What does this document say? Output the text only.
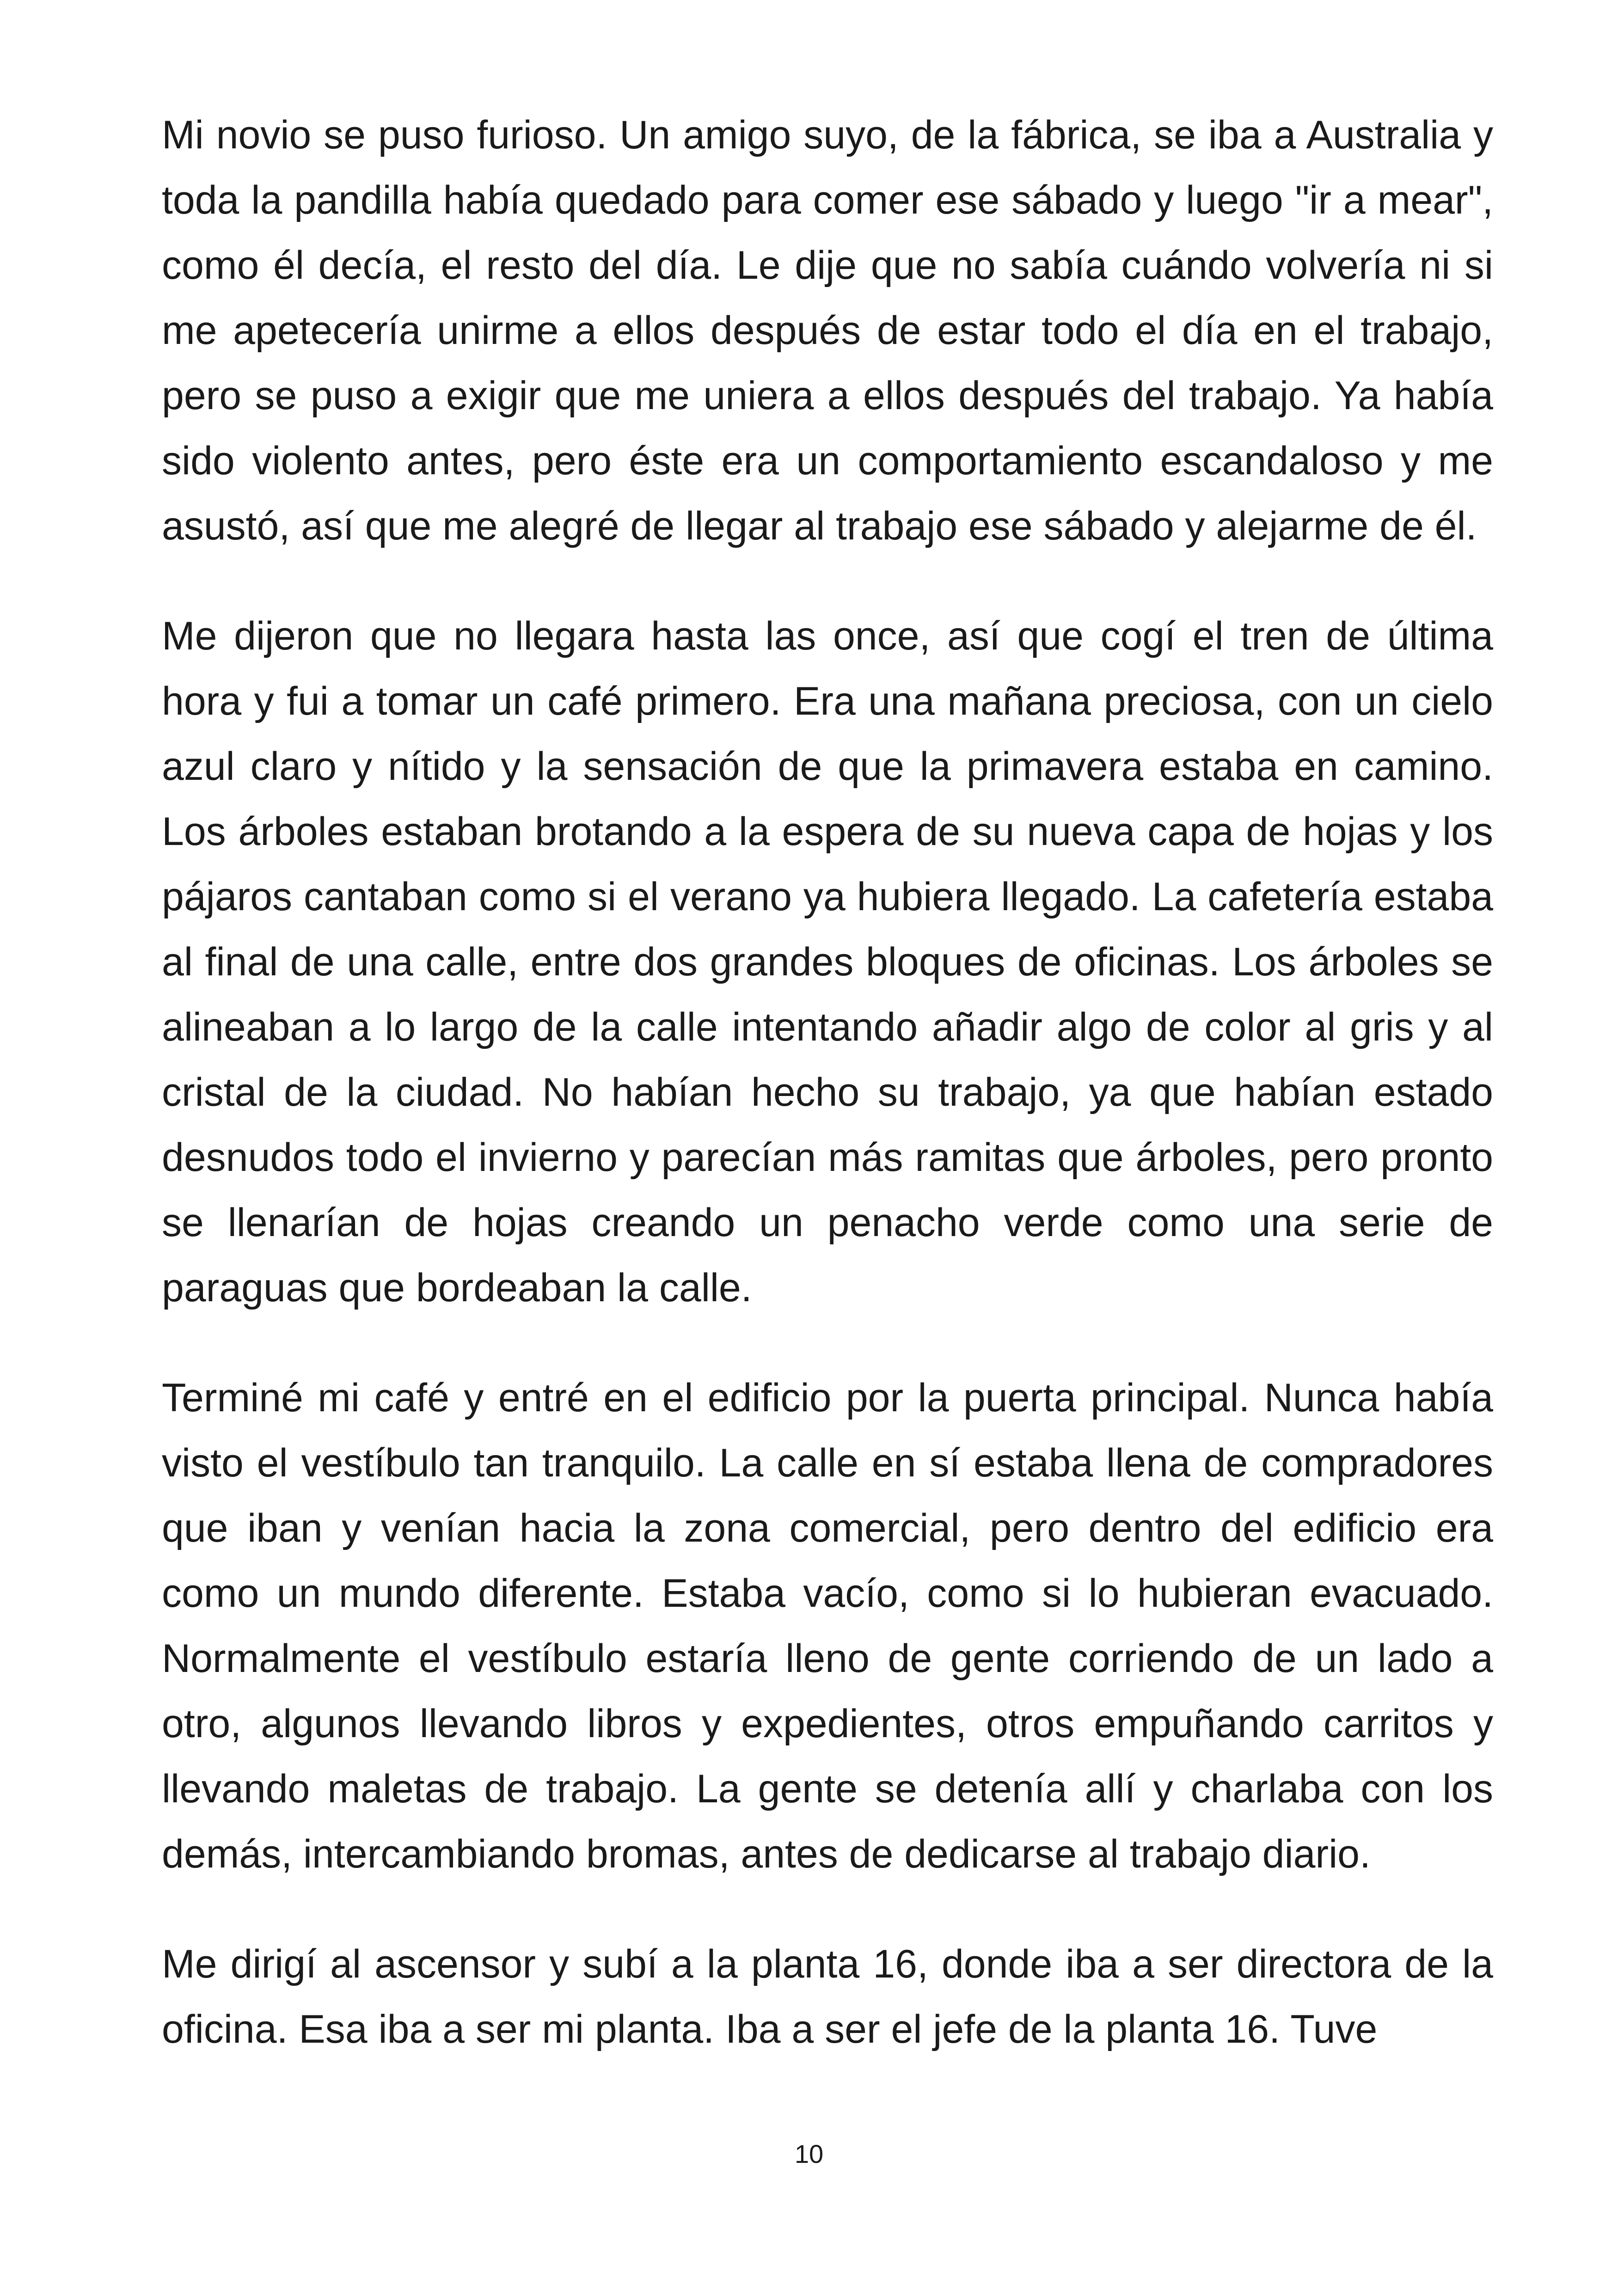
Mi novio se puso furioso. Un amigo suyo, de la fábrica, se iba a Australia y toda la pandilla había quedado para comer ese sábado y luego "ir a mear", como él decía, el resto del día. Le dije que no sabía cuándo volvería ni si me apetecería unirme a ellos después de estar todo el día en el trabajo, pero se puso a exigir que me uniera a ellos después del trabajo. Ya había sido violento antes, pero éste era un comportamiento escandaloso y me asustó, así que me alegré de llegar al trabajo ese sábado y alejarme de él.

Me dijeron que no llegara hasta las once, así que cogí el tren de última hora y fui a tomar un café primero. Era una mañana preciosa, con un cielo azul claro y nítido y la sensación de que la primavera estaba en camino. Los árboles estaban brotando a la espera de su nueva capa de hojas y los pájaros cantaban como si el verano ya hubiera llegado. La cafetería estaba al final de una calle, entre dos grandes bloques de oficinas. Los árboles se alineaban a lo largo de la calle intentando añadir algo de color al gris y al cristal de la ciudad. No habían hecho su trabajo, ya que habían estado desnudos todo el invierno y parecían más ramitas que árboles, pero pronto se llenarían de hojas creando un penacho verde como una serie de paraguas que bordeaban la calle.

Terminé mi café y entré en el edificio por la puerta principal. Nunca había visto el vestíbulo tan tranquilo. La calle en sí estaba llena de compradores que iban y venían hacia la zona comercial, pero dentro del edificio era como un mundo diferente. Estaba vacío, como si lo hubieran evacuado. Normalmente el vestíbulo estaría lleno de gente corriendo de un lado a otro, algunos llevando libros y expedientes, otros empuñando carritos y llevando maletas de trabajo. La gente se detenía allí y charlaba con los demás, intercambiando bromas, antes de dedicarse al trabajo diario.

Me dirigí al ascensor y subí a la planta 16, donde iba a ser directora de la oficina. Esa iba a ser mi planta. Iba a ser el jefe de la planta 16. Tuve

10
